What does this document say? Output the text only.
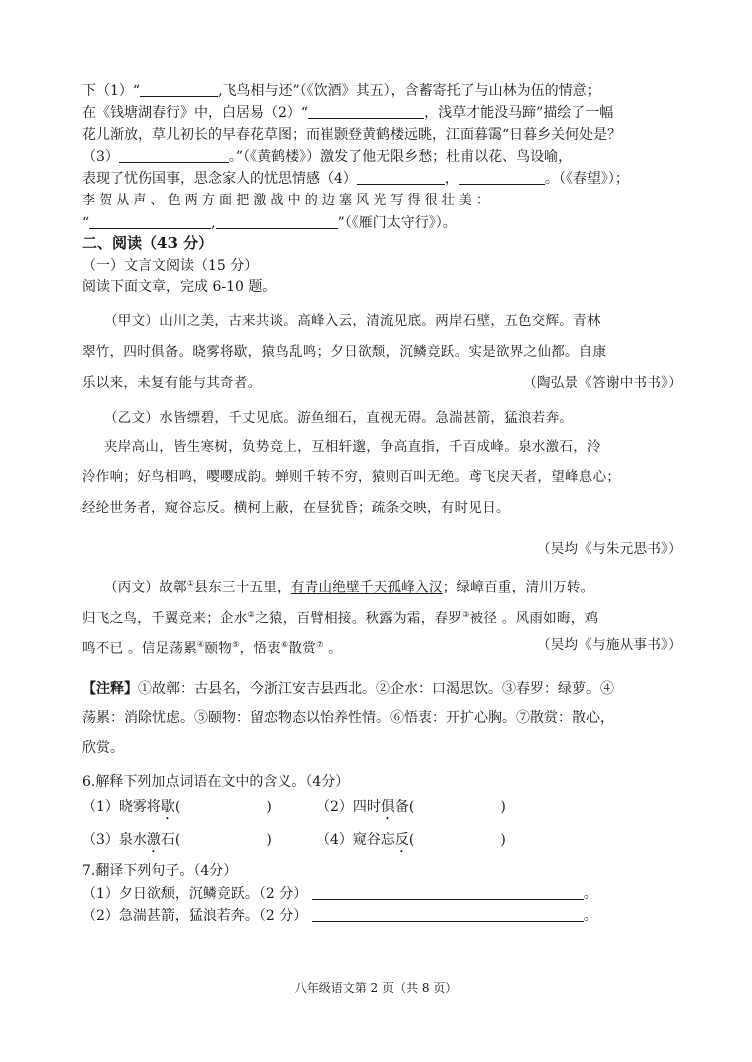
下（1）“	,飞鸟相与还”（《饮酒》其五），含蓄寄托了与山林为伍的情意；
在《钱塘湖春行》中，白居易（2）“	，浅草才能没马蹄”描绘了一幅
花儿渐放，草儿初长的早春花草图；而崔颢登黄鹤楼远眺，江面暮霭“日暮乡关何处是？
（3）	。”（《黄鹤楼》）激发了他无限乡愁；杜甫以花、鸟设喻，
表现了忧伤国事，思念家人的忧思情感（4）	，	。（《春望》）；
李 贺 从 声 、 色 两 方 面 把 激 战 中 的 边 塞 风 光 写 得 很 壮 美 ：
“	,	”（《雁门太守行》）。
二、阅读（43 分）
（一）文言文阅读（15 分）
阅读下面文章，完成 6-10 题。
（甲文）山川之美，古来共谈。高峰入云，清流见底。两岸石壁，五色交辉。青林
翠竹，四时俱备。晓雾将歇，猿鸟乱鸣；夕日欲颓，沉鳞竞跃。实是欲界之仙都。自康
乐以来，未复有能与其奇者。	（陶弘景《答谢中书书》）
（乙文）水皆缥碧，千丈见底。游鱼细石，直视无碍。急湍甚箭，猛浪若奔。
夹岸高山，皆生寒树，负势竞上，互相轩邈，争高直指，千百成峰。泉水激石，泠
泠作响；好鸟相鸣，嘤嘤成韵。蝉则千转不穷，猿则百叫无绝。鸢飞戾天者，望峰息心；
经纶世务者，窥谷忘反。横柯上蔽，在昼犹昏；疏条交映，有时见日。
（吴均《与朱元思书》）
（丙文）故鄣①县东三十五里，有青山绝壁千天孤峰入汉；绿嶂百重，清川万转。
归飞之鸟，千翼竞来；企水②之猿，百臂相接。秋露为霜，春罗③被径 。风雨如晦，鸡
鸣不已 。信足荡累④颐物⑤，悟衷⑥散赏⑦ 。	（吴均《与施从事书》）
【注释】①故鄣：古县名，今浙江安吉县西北。②企水：口渴思饮。③春罗：绿萝。④
荡累：消除忧虑。⑤颐物：留恋物态以怡养性情。⑥悟衷：开扩心胸。⑦散赏：散心，
欣赏。
6.解释下列加点词语在文中的含义。（4分）
（1）晓雾将歇(	)	（2）四时俱备(	)
（3）泉水激石(	)	（4）窥谷忘反(	)
7.翻译下列句子。（4分）
（1）夕日欲颓，沉鳞竞跃。（2 分）	。
（2）急湍甚箭，猛浪若奔。（2 分）	。
八年级语文第 2 页（共 8 页）
